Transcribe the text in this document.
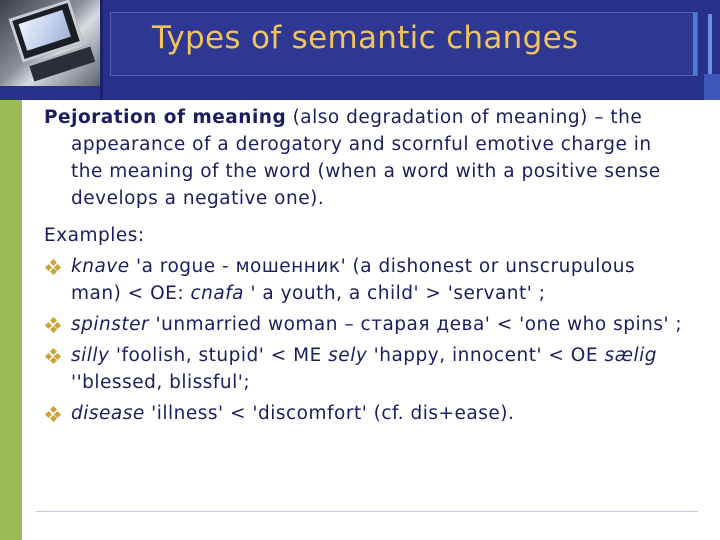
Types of semantic changes

Pejoration of meaning (also degradation of meaning) – the appearance of a derogatory and scornful emotive charge in the meaning of the word (when a word with a positive sense develops a negative one).

Examples:

knave 'a rogue - мошенник' (a dishonest or unscrupulous man) < OE: cnafa ' a youth, a child' > 'servant' ;
spinster 'unmarried woman – старая дева' < 'one who spins' ;
silly 'foolish, stupid' < ME sely 'happy, innocent' < OE sælig ''blessed, blissful';
disease 'illness' < 'discomfort' (cf. dis+ease).
